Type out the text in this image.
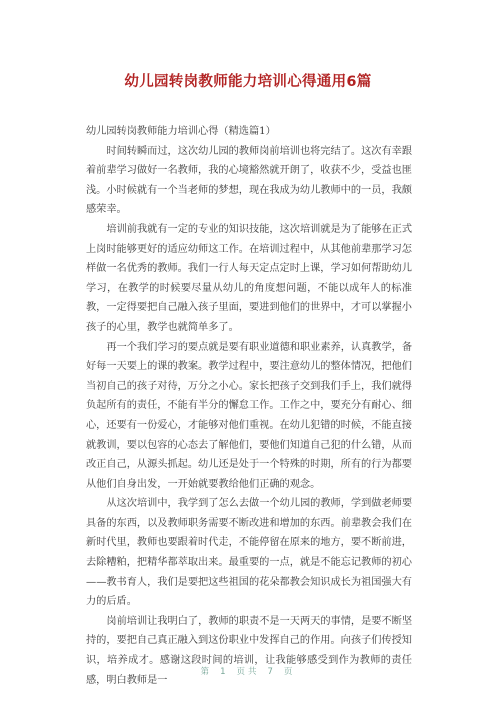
幼儿园转岗教师能力培训心得通用6篇

幼儿园转岗教师能力培训心得（精选篇1）

时间转瞬而过，这次幼儿园的教师岗前培训也将完结了。这次有幸跟着前辈学习做好一名教师，我的心境豁然就开朗了，收获不少，受益也匪浅。小时候就有一个当老师的梦想，现在我成为幼儿教师中的一员，我颇感荣幸。

培训前我就有一定的专业的知识技能，这次培训就是为了能够在正式上岗时能够更好的适应幼师这工作。在培训过程中，从其他前辈那学习怎样做一名优秀的教师。我们一行人每天定点定时上课，学习如何帮助幼儿学习，在教学的时候要尽量从幼儿的角度想问题，不能以成年人的标准教，一定得要把自己融入孩子里面，要进到他们的世界中，才可以掌握小孩子的心里，教学也就简单多了。

再一个我们学习的要点就是要有职业道德和职业素养，认真教学，备好每一天要上的课的教案。教学过程中，要注意幼儿的整体情况，把他们当初自己的孩子对待，万分之小心。家长把孩子交到我们手上，我们就得负起所有的责任，不能有半分的懈怠工作。工作之中，要充分有耐心、细心，还要有一份爱心，才能够对他们重视。在幼儿犯错的时候，不能直接就教训，要以包容的心态去了解他们，要他们知道自己犯的什么错，从而改正自己，从源头抓起。幼儿还是处于一个特殊的时期，所有的行为都要从他们自身出发，一开始就要教给他们正确的观念。

从这次培训中，我学到了怎么去做一个幼儿园的教师，学到做老师要具备的东西，以及教师职务需要不断改进和增加的东西。前辈教会我们在新时代里，教师也要跟着时代走，不能停留在原来的地方，要不断前进，去除糟粕，把精华都萃取出来。最重要的一点，就是不能忘记教师的初心——教书育人，我们是要把这些祖国的花朵都教会知识成长为祖国强大有力的后盾。

岗前培训让我明白了，教师的职责不是一天两天的事情，是要不断坚持的，要把自己真正融入到这份职业中发挥自己的作用。向孩子们传授知识，培养成才。感谢这段时间的培训，让我能够感受到作为教师的责任感，明白教师是一

第 1 页共 7 页
